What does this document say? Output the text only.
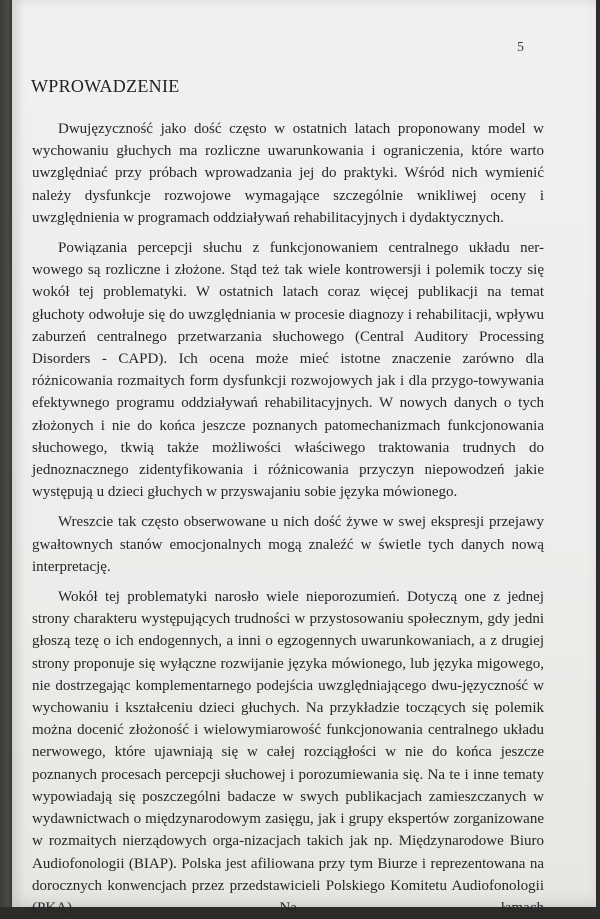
5
WPROWADZENIE

Dwujęzyczność jako dość często w ostatnich latach proponowany model w wychowaniu głuchych ma rozliczne uwarunkowania i ograniczenia, które warto uwzględniać przy próbach wprowadzania jej do praktyki. Wśród nich wymienić należy dysfunkcje rozwojowe wymagające szczególnie wnikliwej oceny i uwzględnienia w programach oddziaływań rehabilitacyjnych i dydaktycznych.

Powiązania percepcji słuchu z funkcjonowaniem centralnego układu ner-wowego są rozliczne i złożone. Stąd też tak wiele kontrowersji i polemik toczy się wokół tej problematyki. W ostatnich latach coraz więcej publikacji na temat głuchoty odwołuje się do uwzględniania w procesie diagnozy i rehabilitacji, wpływu zaburzeń centralnego przetwarzania słuchowego (Central Auditory Processing Disorders - CAPD). Ich ocena może mieć istotne znaczenie zarówno dla różnicowania rozmaitych form dysfunkcji rozwojowych jak i dla przygo-towywania efektywnego programu oddziaływań rehabilitacyjnych. W nowych danych o tych złożonych i nie do końca jeszcze poznanych patomechanizmach funkcjonowania słuchowego, tkwią także możliwości właściwego traktowania trudnych do jednoznacznego zidentyfikowania i różnicowania przyczyn niepowodzeń jakie występują u dzieci głuchych w przyswajaniu sobie języka mówionego.

Wreszcie tak często obserwowane u nich dość żywe w swej ekspresji przejawy gwałtownych stanów emocjonalnych mogą znaleźć w świetle tych danych nową interpretację.

Wokół tej problematyki narosło wiele nieporozumień. Dotyczą one z jednej strony charakteru występujących trudności w przystosowaniu społecznym, gdy jedni głoszą tezę o ich endogennych, a inni o egzogennych uwarunkowaniach, a z drugiej strony proponuje się wyłączne rozwijanie języka mówionego, lub języka migowego, nie dostrzegając komplementarnego podejścia uwzględniającego dwu-języczność w wychowaniu i kształceniu dzieci głuchych. Na przykładzie toczących się polemik można docenić złożoność i wielowymiarowość funkcjonowania centralnego układu nerwowego, które ujawniają się w całej rozciągłości w nie do końca jeszcze poznanych procesach percepcji słuchowej i porozumiewania się. Na te i inne tematy wypowiadają się poszczególni badacze w swych publikacjach zamieszczanych w wydawnictwach o międzynarodowym zasięgu, jak i grupy ekspertów zorganizowane w rozmaitych nierządowych orga-nizacjach takich jak np. Międzynarodowe Biuro Audiofonologii (BIAP). Polska jest afiliowana przy tym Biurze i reprezentowana na dorocznych konwencjach przez przedstawicieli Polskiego Komitetu Audiofonologii (PKA). Na łamach
